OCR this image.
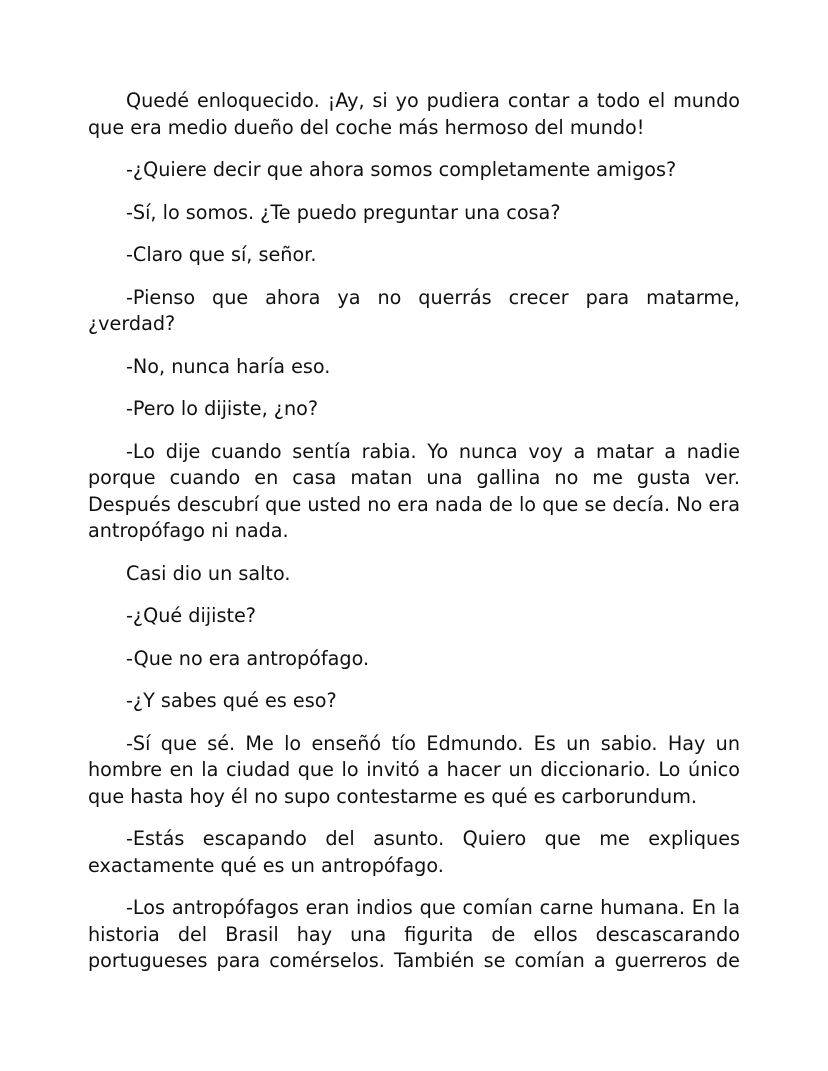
Quedé enloquecido. ¡Ay, si yo pudiera contar a todo el mundo que era medio dueño del coche más hermoso del mundo!

-¿Quiere decir que ahora somos completamente amigos?

-Sí, lo somos. ¿Te puedo preguntar una cosa?

-Claro que sí, señor.

-Pienso que ahora ya no querrás crecer para matarme, ¿verdad?

-No, nunca haría eso.

-Pero lo dijiste, ¿no?

-Lo dije cuando sentía rabia. Yo nunca voy a matar a nadie porque cuando en casa matan una gallina no me gusta ver. Después descubrí que usted no era nada de lo que se decía. No era antropófago ni nada.

Casi dio un salto.

-¿Qué dijiste?

-Que no era antropófago.

-¿Y sabes qué es eso?

-Sí que sé. Me lo enseñó tío Edmundo. Es un sabio. Hay un hombre en la ciudad que lo invitó a hacer un diccionario. Lo único que hasta hoy él no supo contestarme es qué es carborundum.

-Estás escapando del asunto. Quiero que me expliques exactamente qué es un antropófago.

-Los antropófagos eran indios que comían carne humana. En la historia del Brasil hay una figurita de ellos descascarando portugueses para comérselos. También se comían a guerreros de
